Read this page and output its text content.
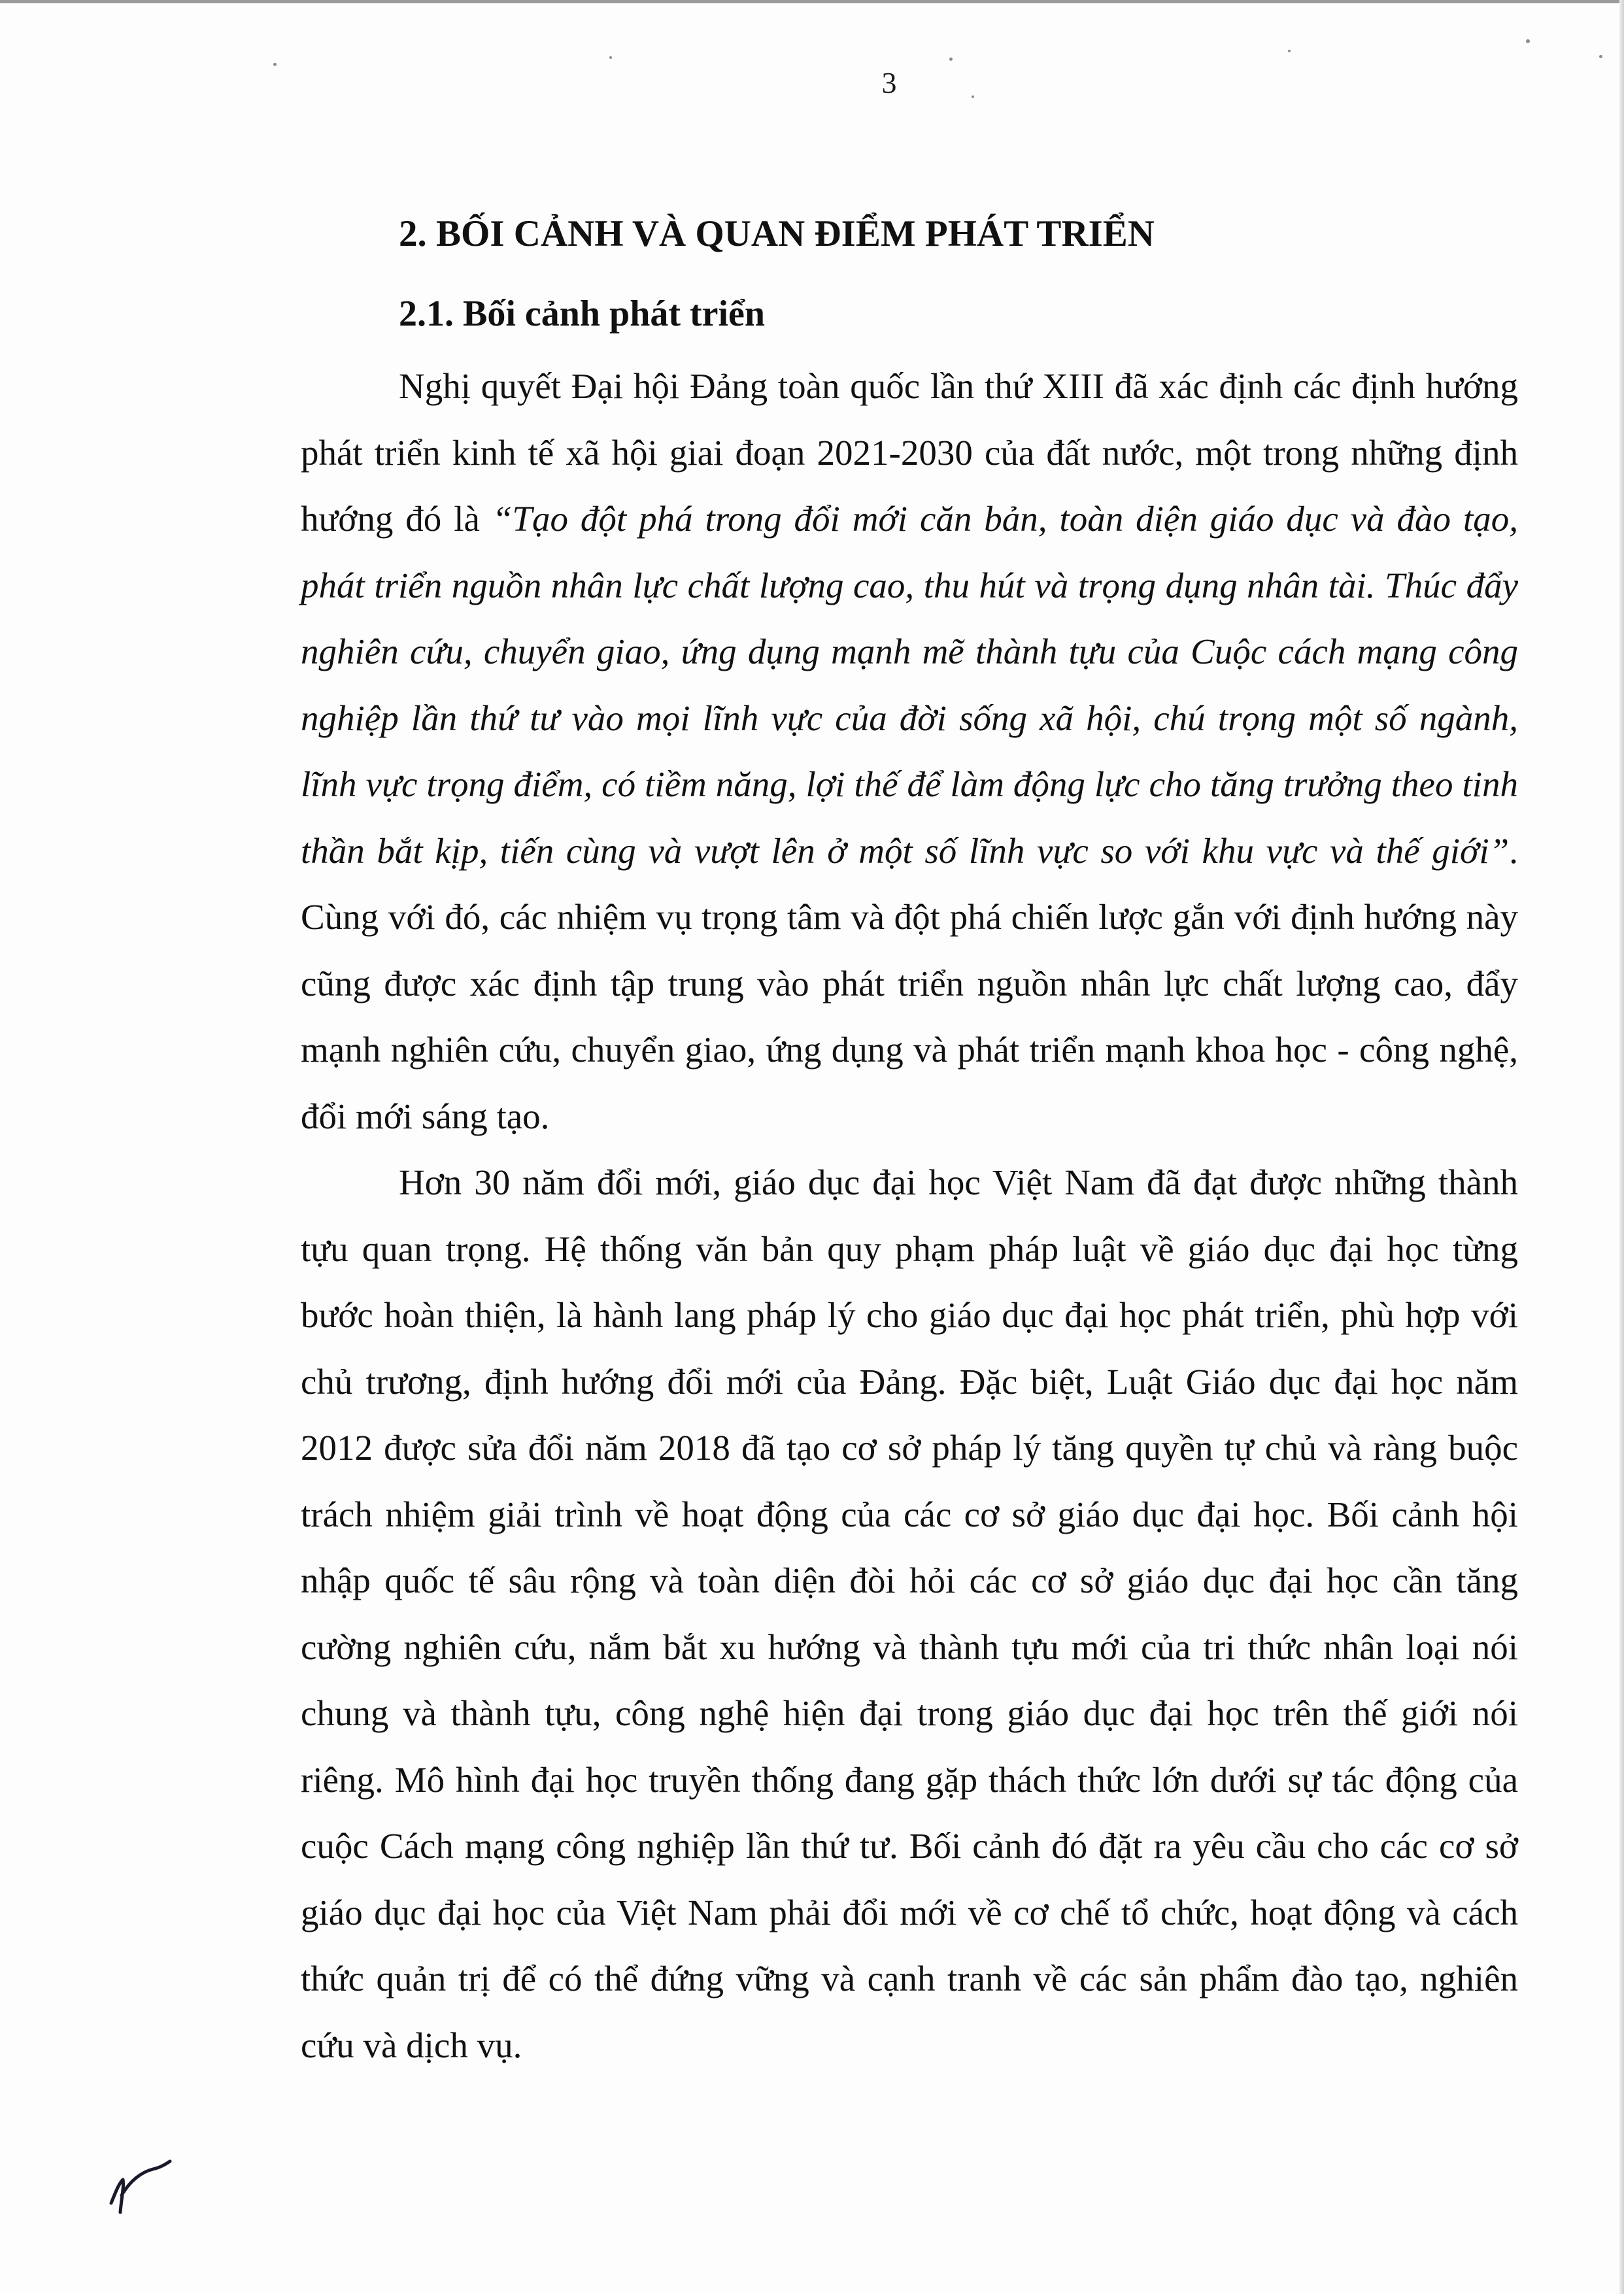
3
2. BỐI CẢNH VÀ QUAN ĐIỂM PHÁT TRIỂN
2.1. Bối cảnh phát triển

Nghị quyết Đại hội Đảng toàn quốc lần thứ XIII đã xác định các định hướng phát triển kinh tế xã hội giai đoạn 2021-2030 của đất nước, một trong những định hướng đó là “Tạo đột phá trong đổi mới căn bản, toàn diện giáo dục và đào tạo, phát triển nguồn nhân lực chất lượng cao, thu hút và trọng dụng nhân tài. Thúc đẩy nghiên cứu, chuyển giao, ứng dụng mạnh mẽ thành tựu của Cuộc cách mạng công nghiệp lần thứ tư vào mọi lĩnh vực của đời sống xã hội, chú trọng một số ngành, lĩnh vực trọng điểm, có tiềm năng, lợi thế để làm động lực cho tăng trưởng theo tinh thần bắt kịp, tiến cùng và vượt lên ở một số lĩnh vực so với khu vực và thế giới”. Cùng với đó, các nhiệm vụ trọng tâm và đột phá chiến lược gắn với định hướng này cũng được xác định tập trung vào phát triển nguồn nhân lực chất lượng cao, đẩy mạnh nghiên cứu, chuyển giao, ứng dụng và phát triển mạnh khoa học - công nghệ, đổi mới sáng tạo.

Hơn 30 năm đổi mới, giáo dục đại học Việt Nam đã đạt được những thành tựu quan trọng. Hệ thống văn bản quy phạm pháp luật về giáo dục đại học từng bước hoàn thiện, là hành lang pháp lý cho giáo dục đại học phát triển, phù hợp với chủ trương, định hướng đổi mới của Đảng. Đặc biệt, Luật Giáo dục đại học năm 2012 được sửa đổi năm 2018 đã tạo cơ sở pháp lý tăng quyền tự chủ và ràng buộc trách nhiệm giải trình về hoạt động của các cơ sở giáo dục đại học. Bối cảnh hội nhập quốc tế sâu rộng và toàn diện đòi hỏi các cơ sở giáo dục đại học cần tăng cường nghiên cứu, nắm bắt xu hướng và thành tựu mới của tri thức nhân loại nói chung và thành tựu, công nghệ hiện đại trong giáo dục đại học trên thế giới nói riêng. Mô hình đại học truyền thống đang gặp thách thức lớn dưới sự tác động của cuộc Cách mạng công nghiệp lần thứ tư. Bối cảnh đó đặt ra yêu cầu cho các cơ sở giáo dục đại học của Việt Nam phải đổi mới về cơ chế tổ chức, hoạt động và cách thức quản trị để có thể đứng vững và cạnh tranh về các sản phẩm đào tạo, nghiên cứu và dịch vụ.
